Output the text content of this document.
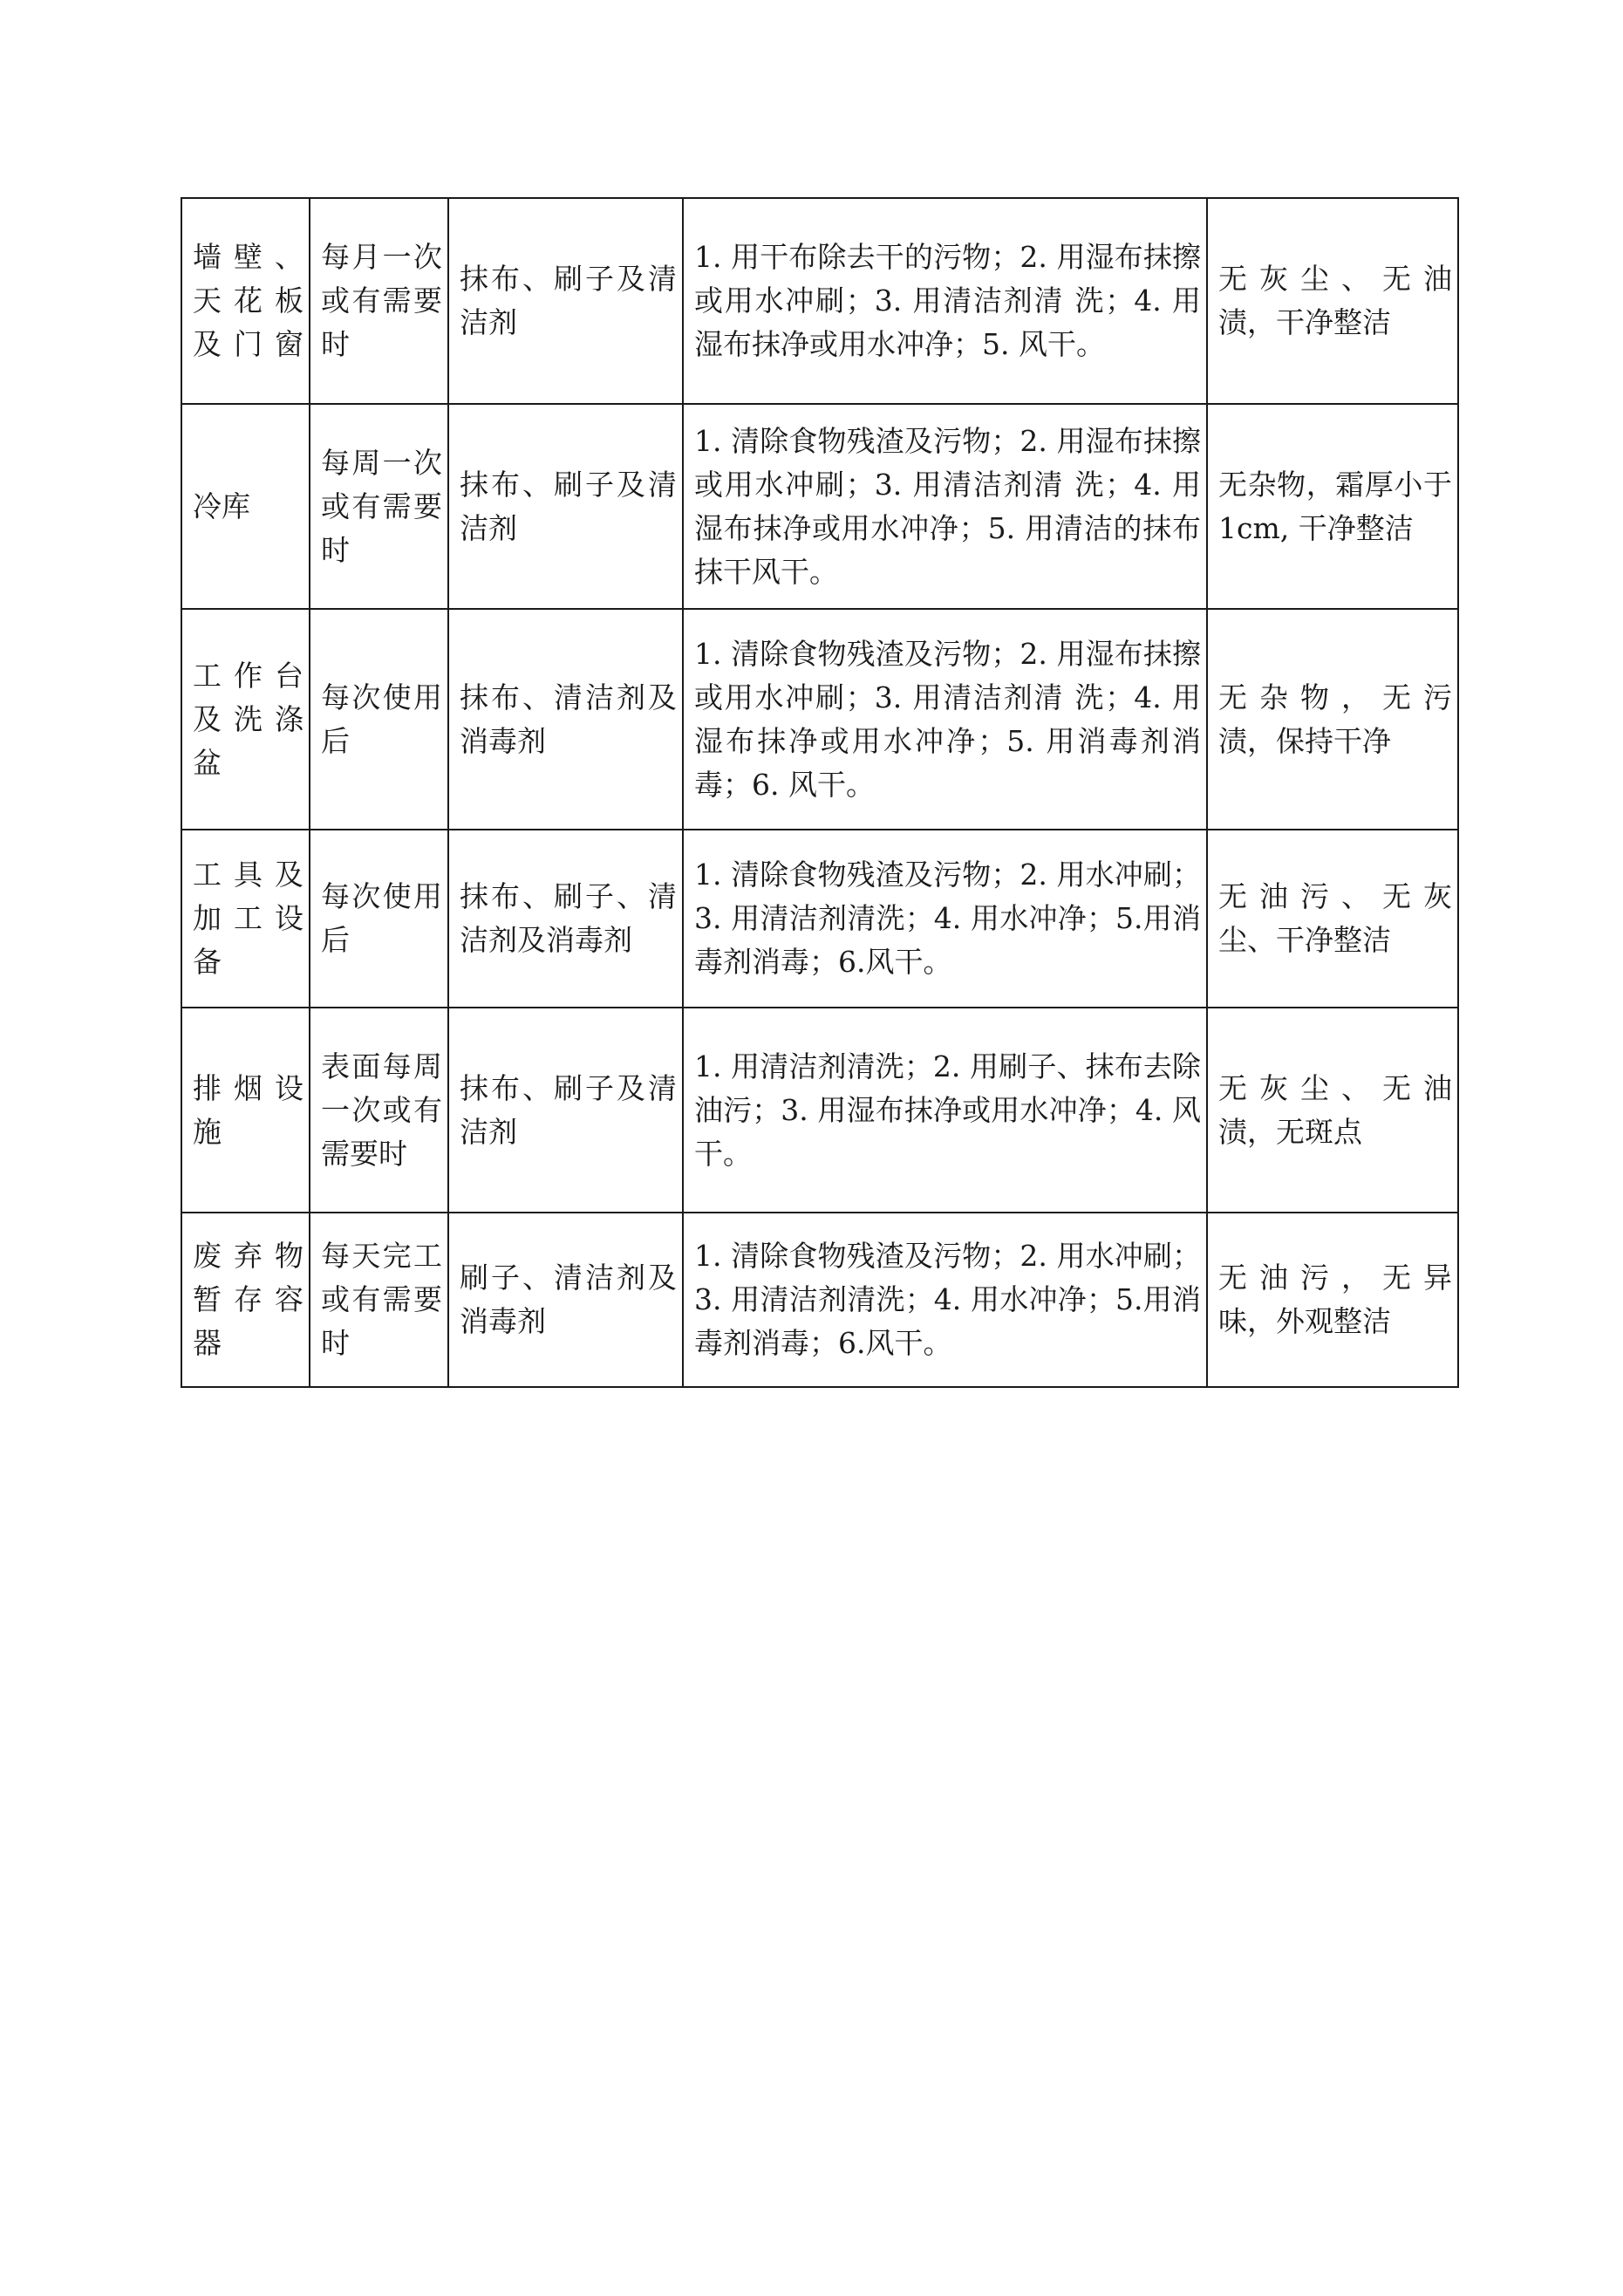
墙壁、天花板及门窗	每月一次或有需要时	抹布、刷子及清洁剂	1. 用干布除去干的污物；2. 用湿布抹擦或用水冲刷；3. 用清洁剂清 洗；4. 用湿布抹净或用水冲净；5. 风干。	无灰尘、无油 渍，干净整洁
冷库	每周一次或有需要时	抹布、刷子及清洁剂	1. 清除食物残渣及污物；2. 用湿布抹擦或用水冲刷；3. 用清洁剂清 洗；4. 用湿布抹净或用水冲净；5. 用清洁的抹布抹干风干。	无杂物，霜厚小于 1cm, 干净整洁
工作台及洗涤盆	每次使用后	抹布、清洁剂及消毒剂	1. 清除食物残渣及污物；2. 用湿布抹擦或用水冲刷；3. 用清洁剂清 洗；4. 用湿布抹净或用水冲净；5. 用消毒剂消毒；6. 风干。	无杂物，无污 渍，保持干净
工具及加工设备	每次使用后	抹布、刷子、清洁剂及消毒剂	1. 清除食物残渣及污物；2. 用水冲刷；3. 用清洁剂清洗；4. 用水冲净；5.用消毒剂消毒；6.风干。	无油污、无灰 尘、干净整洁
排烟设施	表面每周一次或有需要时	抹布、刷子及清洁剂	1. 用清洁剂清洗；2. 用刷子、抹布去除油污；3. 用湿布抹净或用水冲净；4. 风干。	无灰尘、无油 渍，无斑点
废弃物暂存容器	每天完工或有需要时	刷子、清洁剂及消毒剂	1. 清除食物残渣及污物；2. 用水冲刷；3. 用清洁剂清洗；4. 用水冲净；5.用消毒剂消毒；6.风干。	无油污，无异 味，外观整洁
